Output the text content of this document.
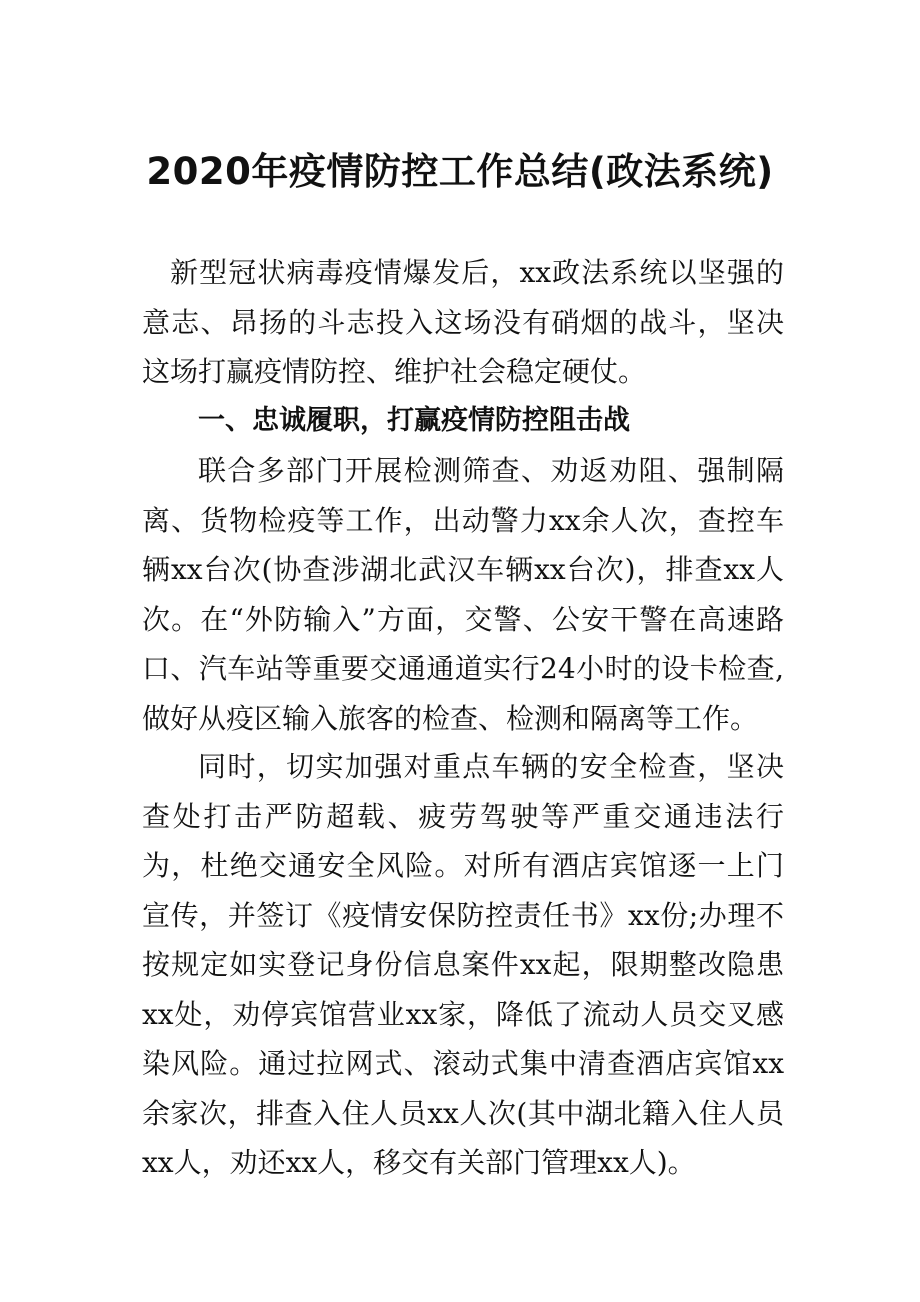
2020年疫情防控工作总结(政法系统)

新型冠状病毒疫情爆发后，xx政法系统以坚强的意志、昂扬的斗志投入这场没有硝烟的战斗，坚决这场打赢疫情防控、维护社会稳定硬仗。

一、忠诚履职，打赢疫情防控阻击战

联合多部门开展检测筛查、劝返劝阻、强制隔离、货物检疫等工作，出动警力xx余人次，查控车辆xx台次(协查涉湖北武汉车辆xx台次)，排查xx人次。在“外防输入”方面，交警、公安干警在高速路口、汽车站等重要交通通道实行24小时的设卡检查,做好从疫区输入旅客的检查、检测和隔离等工作。

同时，切实加强对重点车辆的安全检查，坚决查处打击严防超载、疲劳驾驶等严重交通违法行为，杜绝交通安全风险。对所有酒店宾馆逐一上门宣传，并签订《疫情安保防控责任书》xx份;办理不按规定如实登记身份信息案件xx起，限期整改隐患xx处，劝停宾馆营业xx家，降低了流动人员交叉感染风险。通过拉网式、滚动式集中清查酒店宾馆xx余家次，排查入住人员xx人次(其中湖北籍入住人员xx人，劝还xx人，移交有关部门管理xx人)。
